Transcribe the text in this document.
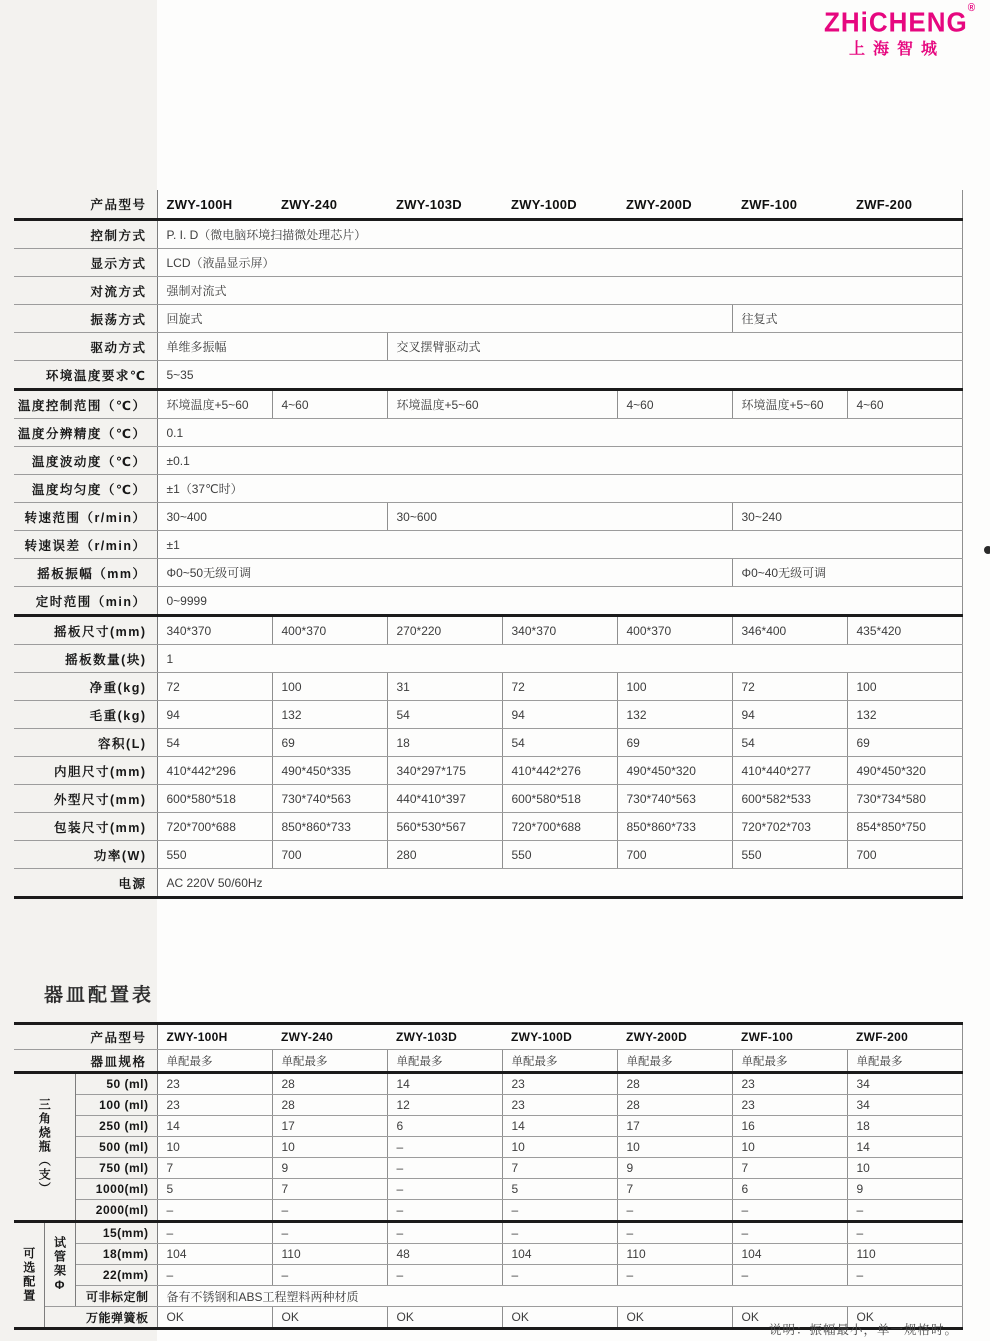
ZHiCHENG®
上海智城
产品型号	ZWY-100H	ZWY-240	ZWY-103D	ZWY-100D	ZWY-200D	ZWF-100	ZWF-200
控制方式	P. I. D（微电脑环境扫描微处理芯片）						
显示方式	LCD（液晶显示屏）						
对流方式	强制对流式						
振荡方式	回旋式					往复式	
驱动方式	单维多振幅		交叉摆臂驱动式				
环境温度要求℃	5~35						
温度控制范围（℃）	环境温度+5~60	4~60	环境温度+5~60		4~60	环境温度+5~60	4~60
温度分辨精度（℃）	0.1						
温度波动度（℃）	±0.1						
温度均匀度（℃）	±1（37℃时）						
转速范围（r/min）	30~400		30~600			30~240	
转速误差（r/min）	±1						
摇板振幅（mm）	Φ0~50无级可调					Φ0~40无级可调	
定时范围（min）	0~9999						
摇板尺寸(mm)	340*370	400*370	270*220	340*370	400*370	346*400	435*420
摇板数量(块)	1						
净重(kg)	72	100	31	72	100	72	100
毛重(kg)	94	132	54	94	132	94	132
容积(L)	54	69	18	54	69	54	69
内胆尺寸(mm)	410*442*296	490*450*335	340*297*175	410*442*276	490*450*320	410*440*277	490*450*320
外型尺寸(mm)	600*580*518	730*740*563	440*410*397	600*580*518	730*740*563	600*582*533	730*734*580
包装尺寸(mm)	720*700*688	850*860*733	560*530*567	720*700*688	850*860*733	720*702*703	854*850*750
功率(W)	550	700	280	550	700	550	700
电源	AC 220V 50/60Hz						
器皿配置表
产品型号			ZWY-100H	ZWY-240	ZWY-103D	ZWY-100D	ZWY-200D	ZWF-100	ZWF-200
器皿规格			单配最多	单配最多	单配最多	单配最多	单配最多	单配最多	单配最多
三角烧瓶（支）		50 (ml)	23	28	14	23	28	23	34
		100 (ml)	23	28	12	23	28	23	34
		250 (ml)	14	17	6	14	17	16	18
		500 (ml)	10	10	–	10	10	10	14
		750 (ml)	7	9	–	7	9	7	10
		1000(ml)	5	7	–	5	7	6	9
		2000(ml)	–	–	–	–	–	–	–
可选配置	试管架Φ	15(mm)	–	–	–	–	–	–	–
		18(mm)	104	110	48	104	110	104	110
		22(mm)	–	–	–	–	–	–	–
		可非标定制	备有不锈钢和ABS工程塑料两种材质						
	万能弹簧板		OK	OK	OK	OK	OK	OK	OK
说明：振幅最小，单一规格时。
